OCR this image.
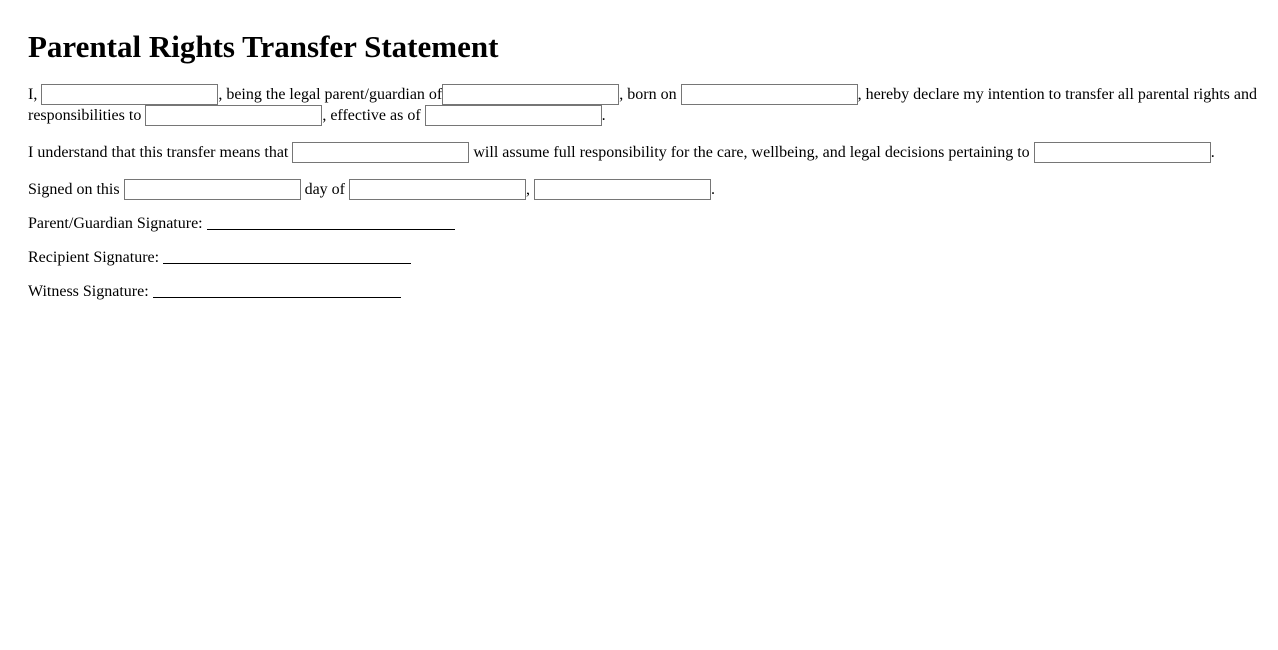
Parental Rights Transfer Statement

I,	, being the legal parent/guardian of	, born on	, hereby declare my intention to transfer all parental rights and responsibilities to	, effective as of	.

I understand that this transfer means that	will assume full responsibility for the care, wellbeing, and legal decisions pertaining to	.

Signed on this	day of	,	.

Parent/Guardian Signature:

Recipient Signature:

Witness Signature:
